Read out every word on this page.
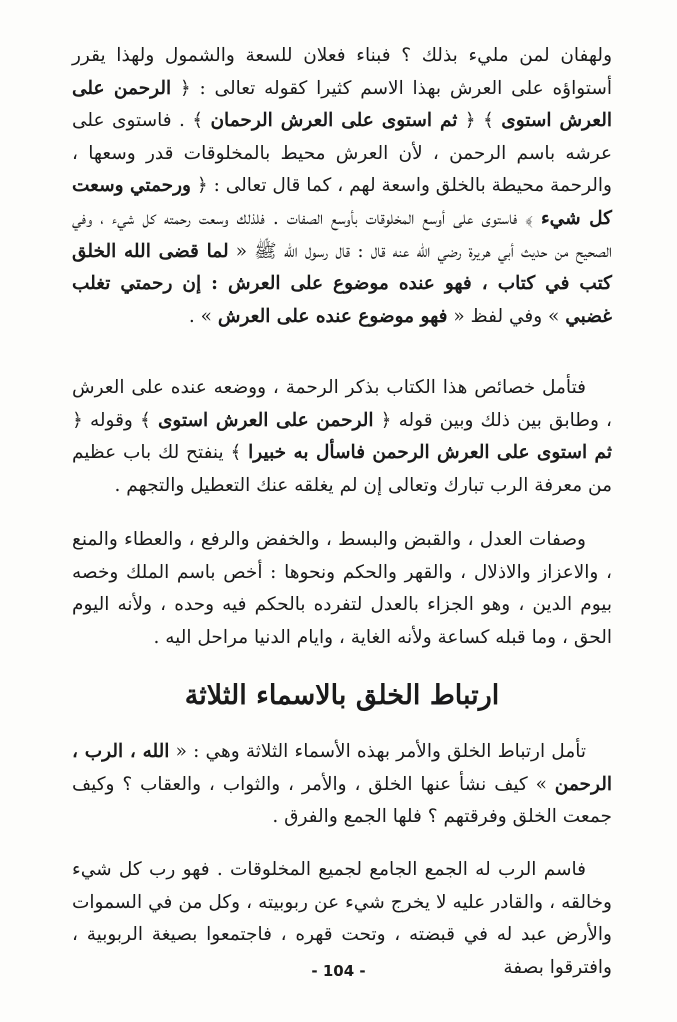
ولهفان لمن مليء بذلك ؟ فبناء فعلان للسعة والشمول ولهذا يقرر أستواؤه على العرش بهذا الاسم كثيرا كقوله تعالى : ﴿ الرحمن على العرش استوى ﴾ ﴿ ثم استوى على العرش الرحمان ﴾ . فاستوى على عرشه باسم الرحمن ، لأن العرش محيط بالمخلوقات قدر وسعها ، والرحمة محيطة بالخلق واسعة لهم ، كما قال تعالى : ﴿ ورحمتي وسعت كل شيء ﴾ فاستوى على أوسع المخلوقات بأوسع الصفات . فلذلك وسعت رحمته كل شيء ، وفي الصحيح من حديث أبي هريرة رضي الله عنه قال : قال رسول الله ﷺ « لما قضى الله الخلق كتب في كتاب ، فهو عنده موضوع على العرش : إن رحمتي تغلب غضبي » وفي لفظ « فهو موضوع عنده على العرش » .

فتأمل خصائص هذا الكتاب بذكر الرحمة ، ووضعه عنده على العرش ، وطابق بين ذلك وبين قوله ﴿ الرحمن على العرش استوى ﴾ وقوله ﴿ ثم استوى على العرش الرحمن فاسأل به خبيرا ﴾ ينفتح لك باب عظيم من معرفة الرب تبارك وتعالى إن لم يغلقه عنك التعطيل والتجهم .

وصفات العدل ، والقبض والبسط ، والخفض والرفع ، والعطاء والمنع ، والاعزاز والاذلال ، والقهر والحكم ونحوها : أخص باسم الملك وخصه بيوم الدين ، وهو الجزاء بالعدل لتفرده بالحكم فيه وحده ، ولأنه اليوم الحق ، وما قبله كساعة ولأنه الغاية ، وايام الدنيا مراحل اليه .

ارتباط الخلق بالاسماء الثلاثة

تأمل ارتباط الخلق والأمر بهذه الأسماء الثلاثة وهي : « الله ، الرب ، الرحمن » كيف نشأ عنها الخلق ، والأمر ، والثواب ، والعقاب ؟ وكيف جمعت الخلق وفرقتهم ؟ فلها الجمع والفرق .

فاسم الرب له الجمع الجامع لجميع المخلوقات . فهو رب كل شيء وخالقه ، والقادر عليه لا يخرج شيء عن ربوبيته ، وكل من في السموات والأرض عبد له في قبضته ، وتحت قهره ، فاجتمعوا بصيغة الربوبية ، وافترقوا بصفة

- 104 -
